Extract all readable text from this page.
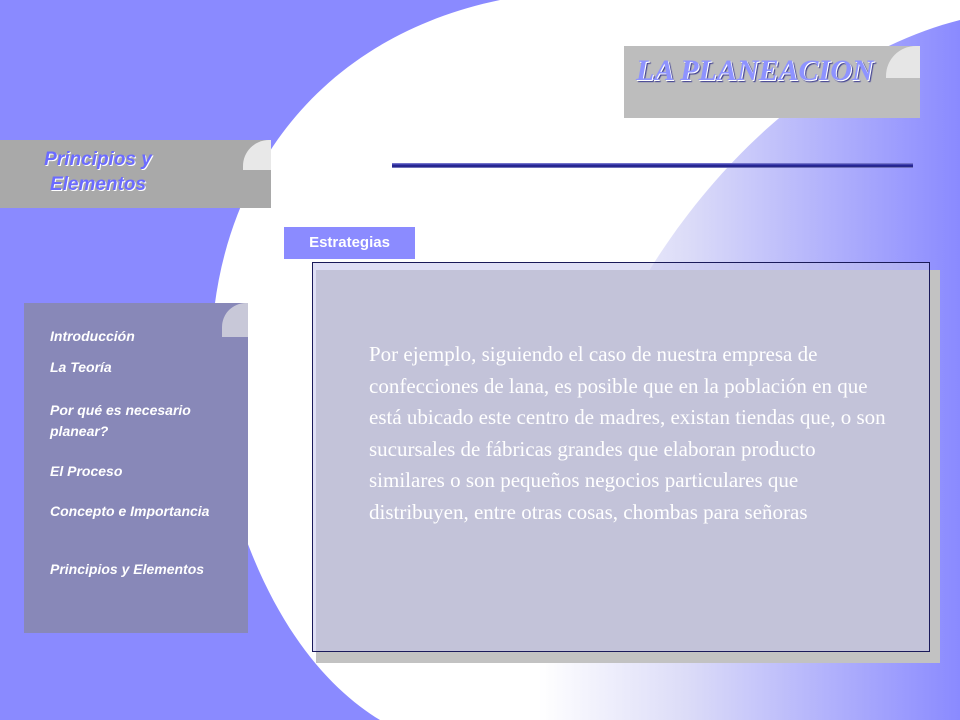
LA PLANEACION
Principios y
Elementos
Estrategias
Introducción
La Teoría
Por qué es necesario planear?
El Proceso
Concepto e Importancia
Principios y Elementos
Por ejemplo, siguiendo el caso de nuestra empresa de confecciones de lana, es posible que en la población en que está ubicado este centro de madres, existan tiendas que, o son sucursales de fábricas grandes que elaboran producto similares o son pequeños negocios particulares que distribuyen, entre otras cosas, chombas para señoras
